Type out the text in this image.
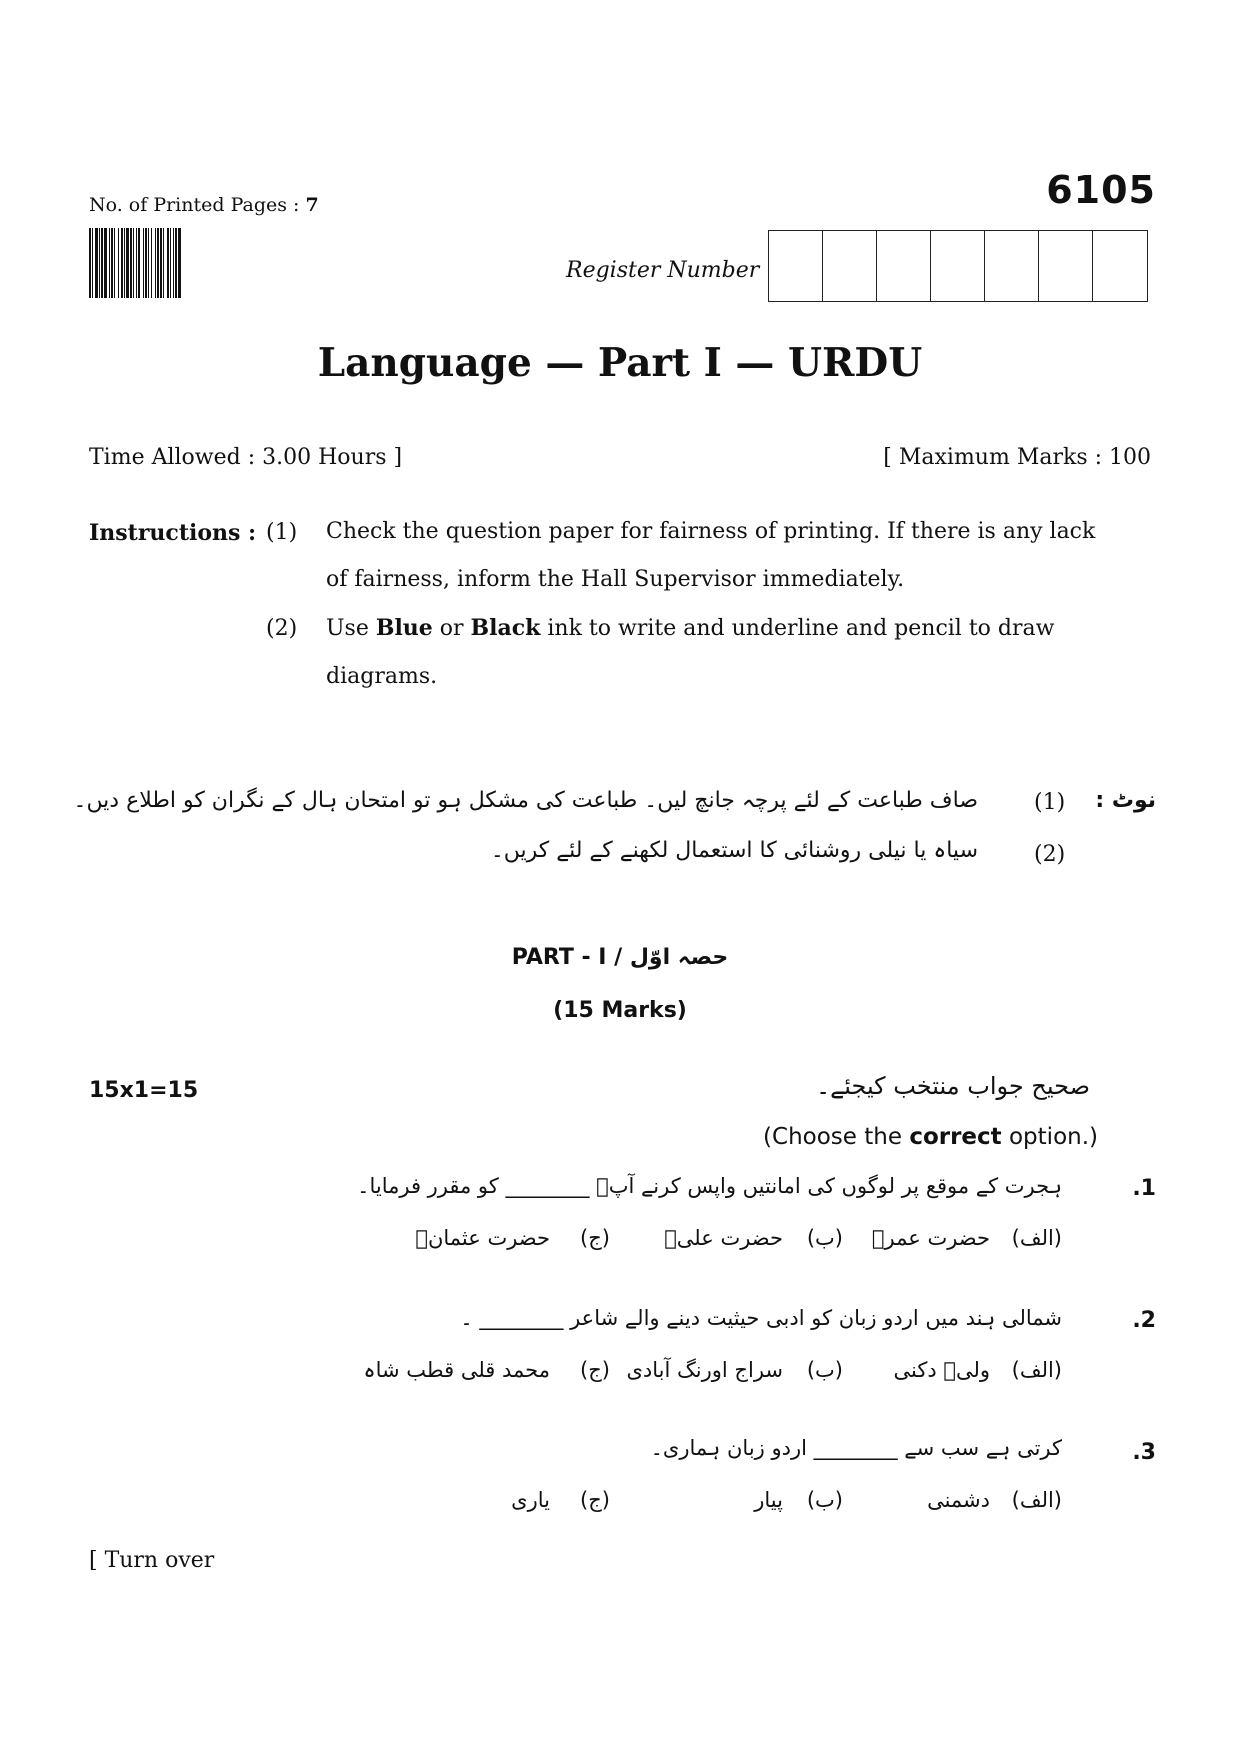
No. of Printed Pages : 7	6105
Register Number
Language — Part I — URDU
Time Allowed : 3.00 Hours ]	[ Maximum Marks : 100
Instructions : (1) Check the question paper for fairness of printing. If there is any lack
of fairness, inform the Hall Supervisor immediately.
(2) Use Blue or Black ink to write and underline and pencil to draw
diagrams.
نوٹ :
(1)
صاف طباعت کے لئے پرچہ جانچ لیں۔ طباعت کی مشکل ہو تو امتحان ہال کے نگران کو اطلاع دیں۔
(2)
سیاہ یا نیلی روشنائی کا استعمال لکھنے کے لئے کریں۔
PART - I / حصہ اوّل
(15 Marks)
15x1=15	صحیح جواب منتخب کیجئے۔
(Choose the correct option.)
.1
ہجرت کے موقع پر لوگوں کی امانتیں واپس کرنے آپؐ ________ کو مقرر فرمایا۔
(الف)
حضرت عمرؓ
(ب)
حضرت علیؓ
(ج)
حضرت عثمانؓ
.2
شمالی ہند میں اردو زبان کو ادبی حیثیت دینے والے شاعر ________ ۔
(الف)
ولیؔ دکنی
(ب)
سراج اورنگ آبادی
(ج)
محمد قلی قطب شاہ
.3
کرتی ہے سب سے ________ اردو زبان ہماری۔
(الف)
دشمنی
(ب)
پیار
(ج)
یاری
[ Turn over
